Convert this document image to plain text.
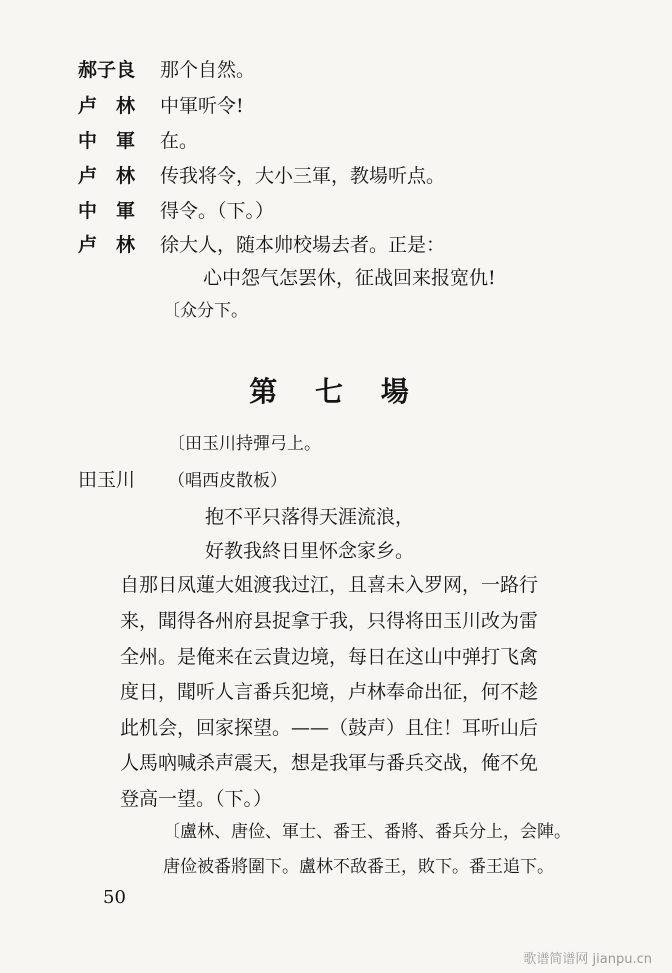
郝子良 那个自然。
卢　林 中軍听令!
中　軍 在。
卢　林 传我将令，大小三軍，教場听点。
中　軍 得令。（下。）
卢　林 徐大人，随本帅校場去者。正是：
心中怨气怎罢休，征战回来报宽仇!
〔众分下。
第 七 場
〔田玉川持彈弓上。
田玉川 （唱西皮散板）
抱不平只落得天涯流浪，
好教我終日里怀念家乡。
自那日凤蓮大姐渡我过江，且喜未入罗网，一路行
来，聞得各州府县捉拿于我，只得将田玉川改为雷
全州。是俺来在云貴边境，每日在这山中弹打飞禽
度日，聞听人言番兵犯境，卢林奉命出征，何不趁
此机会，回家探望。——（鼓声）且住！耳听山后
人馬吶喊杀声震天，想是我軍与番兵交战，俺不免
登高一望。（下。）
〔盧林、唐俭、軍士、番王、番將、番兵分上，会陣。
唐俭被番將圍下。盧林不敌番王，敗下。番王追下。
50
歌谱简谱网 jianpu.cn
